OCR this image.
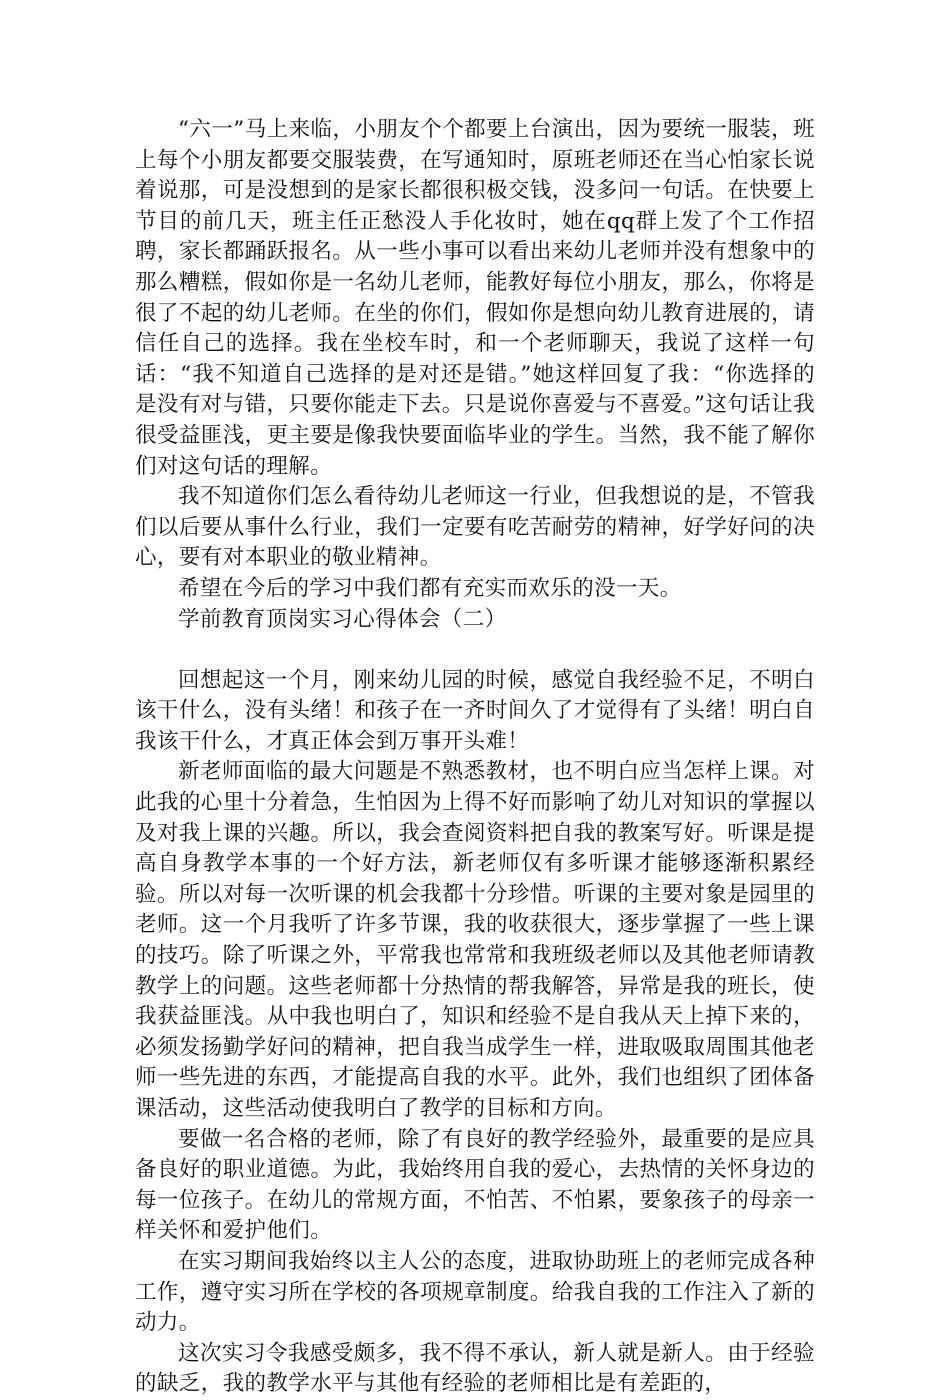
“六一”马上来临，小朋友个个都要上台演出，因为要统一服装，班上每个小朋友都要交服装费，在写通知时，原班老师还在当心怕家长说着说那，可是没想到的是家长都很积极交钱，没多问一句话。在快要上节目的前几天，班主任正愁没人手化妆时，她在qq群上发了个工作招聘，家长都踊跃报名。从一些小事可以看出来幼儿老师并没有想象中的那么糟糕，假如你是一名幼儿老师，能教好每位小朋友，那么，你将是很了不起的幼儿老师。在坐的你们，假如你是想向幼儿教育进展的，请信任自己的选择。我在坐校车时，和一个老师聊天，我说了这样一句话：“我不知道自己选择的是对还是错。”她这样回复了我：“你选择的是没有对与错，只要你能走下去。只是说你喜爱与不喜爱。”这句话让我很受益匪浅，更主要是像我快要面临毕业的学生。当然，我不能了解你们对这句话的理解。

我不知道你们怎么看待幼儿老师这一行业，但我想说的是，不管我们以后要从事什么行业，我们一定要有吃苦耐劳的精神，好学好问的决心，要有对本职业的敬业精神。

希望在今后的学习中我们都有充实而欢乐的没一天。

学前教育顶岗实习心得体会（二）

回想起这一个月，刚来幼儿园的时候，感觉自我经验不足，不明白该干什么，没有头绪！和孩子在一齐时间久了才觉得有了头绪！明白自我该干什么，才真正体会到万事开头难！

新老师面临的最大问题是不熟悉教材，也不明白应当怎样上课。对此我的心里十分着急，生怕因为上得不好而影响了幼儿对知识的掌握以及对我上课的兴趣。所以，我会查阅资料把自我的教案写好。听课是提高自身教学本事的一个好方法，新老师仅有多听课才能够逐渐积累经验。所以对每一次听课的机会我都十分珍惜。听课的主要对象是园里的老师。这一个月我听了许多节课，我的收获很大，逐步掌握了一些上课的技巧。除了听课之外，平常我也常常和我班级老师以及其他老师请教教学上的问题。这些老师都十分热情的帮我解答，异常是我的班长，使我获益匪浅。从中我也明白了，知识和经验不是自我从天上掉下来的，必须发扬勤学好问的精神，把自我当成学生一样，进取吸取周围其他老师一些先进的东西，才能提高自我的水平。此外，我们也组织了团体备课活动，这些活动使我明白了教学的目标和方向。

要做一名合格的老师，除了有良好的教学经验外，最重要的是应具备良好的职业道德。为此，我始终用自我的爱心，去热情的关怀身边的每一位孩子。在幼儿的常规方面，不怕苦、不怕累，要象孩子的母亲一样关怀和爱护他们。

在实习期间我始终以主人公的态度，进取协助班上的老师完成各种工作，遵守实习所在学校的各项规章制度。给我自我的工作注入了新的动力。

这次实习令我感受颇多，我不得不承认，新人就是新人。由于经验的缺乏，我的教学水平与其他有经验的老师相比是有差距的，
